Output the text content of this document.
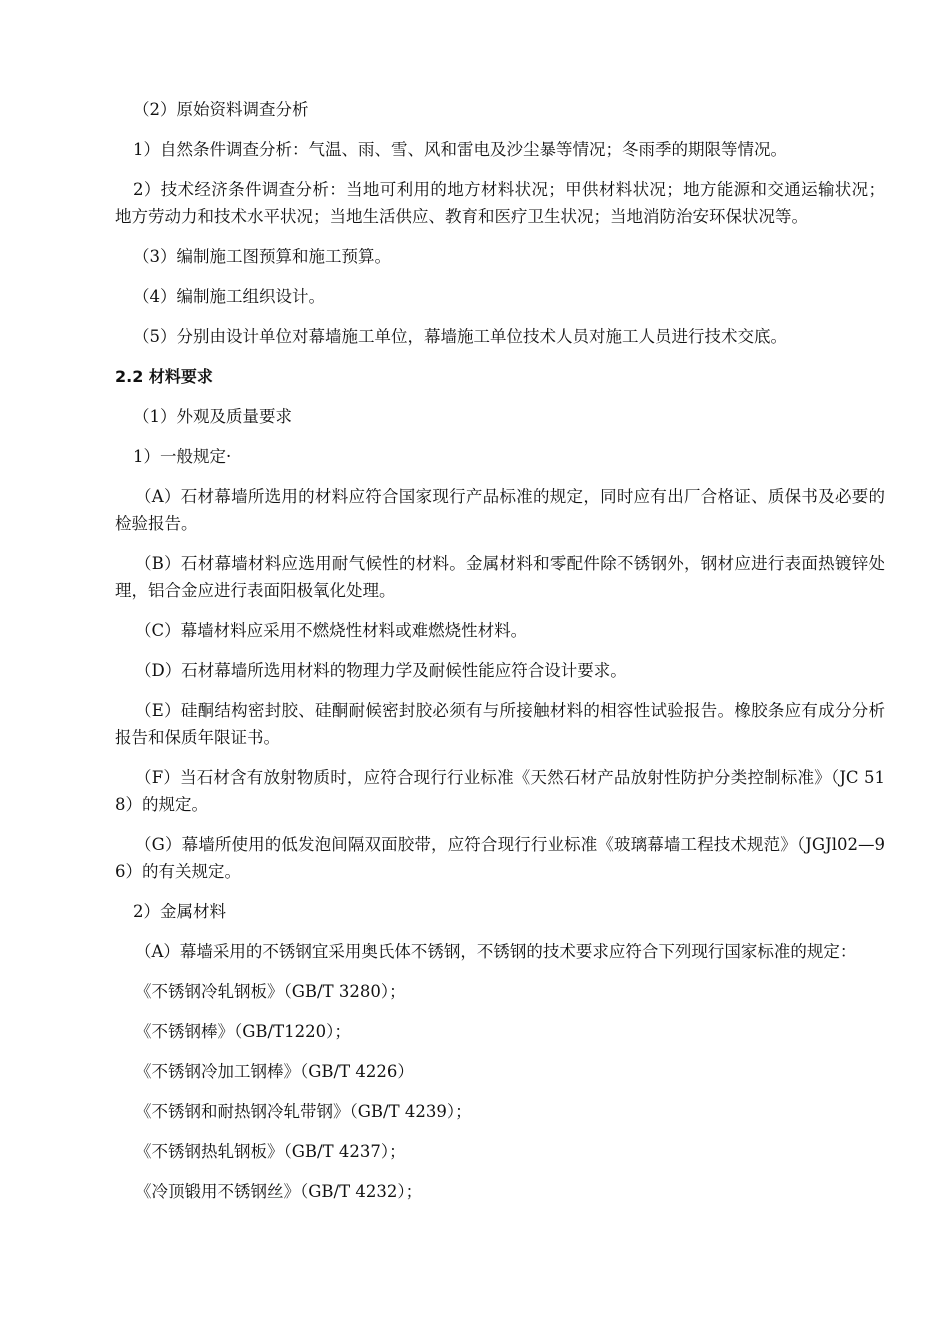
（2）原始资料调查分析

1）自然条件调查分析：气温、雨、雪、风和雷电及沙尘暴等情况；冬雨季的期限等情况。

2）技术经济条件调查分析：当地可利用的地方材料状况；甲供材料状况；地方能源和交通运输状况；地方劳动力和技术水平状况；当地生活供应、教育和医疗卫生状况；当地消防治安环保状况等。

（3）编制施工图预算和施工预算。

（4）编制施工组织设计。

（5）分别由设计单位对幕墙施工单位，幕墙施工单位技术人员对施工人员进行技术交底。

2.2 材料要求

（1）外观及质量要求

1）一般规定·

（A）石材幕墙所选用的材料应符合国家现行产品标准的规定，同时应有出厂合格证、质保书及必要的检验报告。

（B）石材幕墙材料应选用耐气候性的材料。金属材料和零配件除不锈钢外，钢材应进行表面热镀锌处理，铝合金应进行表面阳极氧化处理。

（C）幕墙材料应采用不燃烧性材料或难燃烧性材料。

（D）石材幕墙所选用材料的物理力学及耐候性能应符合设计要求。

（E）硅酮结构密封胶、硅酮耐候密封胶必须有与所接触材料的相容性试验报告。橡胶条应有成分分析报告和保质年限证书。

（F）当石材含有放射物质时，应符合现行行业标准《天然石材产品放射性防护分类控制标准》（JC 518）的规定。

（G）幕墙所使用的低发泡间隔双面胶带，应符合现行行业标准《玻璃幕墙工程技术规范》（JGJl02—96）的有关规定。

2）金属材料

（A）幕墙采用的不锈钢宜采用奥氏体不锈钢，不锈钢的技术要求应符合下列现行国家标准的规定：

《不锈钢冷轧钢板》（GB/T 3280）；

《不锈钢棒》（GB/T1220）；

《不锈钢冷加工钢棒》（GB/T 4226）

《不锈钢和耐热钢冷轧带钢》（GB/T 4239）；

《不锈钢热轧钢板》（GB/T 4237）；

《冷顶锻用不锈钢丝》（GB/T 4232）；
